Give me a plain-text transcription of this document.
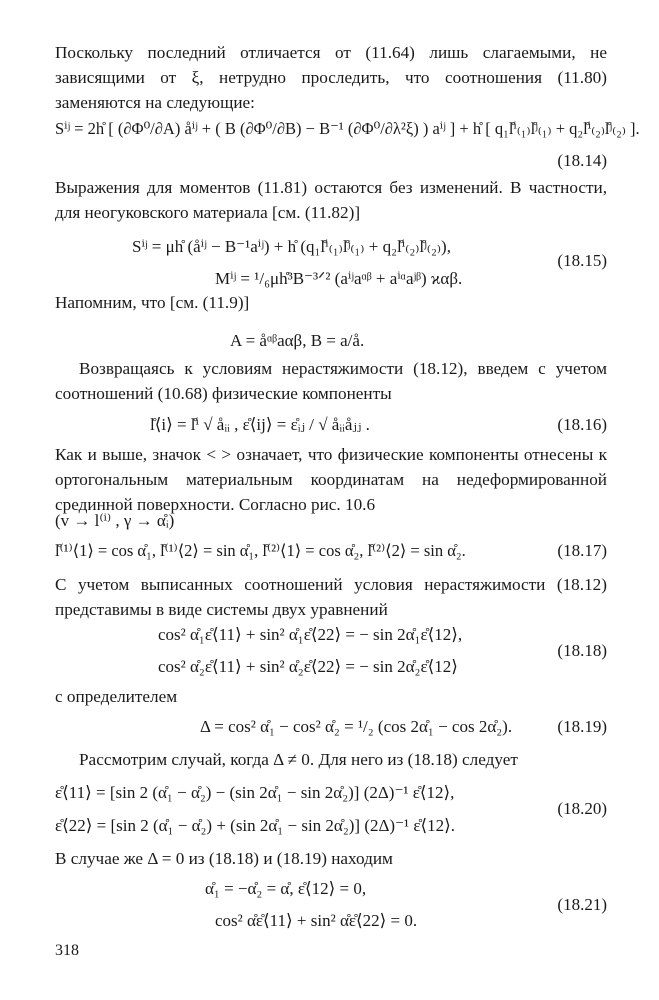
Поскольку последний отличается от (11.64) лишь слагаемыми, не зависящими от ξ, нетрудно проследить, что соотношения (11.80) заменяются на следующие:
Sⁱʲ = 2h̊ [ (∂Φ⁰/∂A) åⁱʲ + ( B (∂Φ⁰/∂B) − B⁻¹ (∂Φ⁰/∂λ²ξ) ) aⁱʲ ] + h̊ [ q₁l̊ⁱ₍₁₎l̊ʲ₍₁₎ + q₂l̊ⁱ₍₂₎l̊ʲ₍₂₎ ].
(18.14)
Выражения для моментов (11.81) остаются без изменений. В частности, для неогуковского материала [см. (11.82)]
Sⁱʲ = μh̊ (åⁱʲ − B⁻¹aⁱʲ) + h̊ (q₁l̊ⁱ₍₁₎l̊ʲ₍₁₎ + q₂l̊ⁱ₍₂₎l̊ʲ₍₂₎),
Mⁱʲ = ¹/₆μh̊³B⁻³ᐟ² (aⁱʲaᵅᵝ + aⁱᵅaʲᵝ) ϰαβ.
(18.15)
Напомним, что [см. (11.9)]
A = åᵅᵝaαβ, B = a/å.
Возвращаясь к условиям нерастяжимости (18.12), введем с учетом соотношений (10.68) физические компоненты
l̊⟨i⟩ = l̊ⁱ √ åᵢᵢ , ε̊⟨ij⟩ = ε̊ᵢⱼ / √ åᵢᵢåⱼⱼ .	(18.16)
Как и выше, значок < > означает, что физические компоненты отнесены к ортогональным материальным координатам на недеформированной срединной поверхности. Согласно рис. 10.6
(v → l⁽ⁱ⁾ , γ → α̊ᵢ)
l̊⁽¹⁾⟨1⟩ = cos α̊₁, l̊⁽¹⁾⟨2⟩ = sin α̊₁, l̊⁽²⁾⟨1⟩ = cos α̊₂, l̊⁽²⁾⟨2⟩ = sin α̊₂.	(18.17)
С учетом выписанных соотношений условия нерастяжимости (18.12) представимы в виде системы двух уравнений
cos² α̊₁ε̊⟨11⟩ + sin² α̊₁ε̊⟨22⟩ = − sin 2α̊₁ε̊⟨12⟩,
cos² α̊₂ε̊⟨11⟩ + sin² α̊₂ε̊⟨22⟩ = − sin 2α̊₂ε̊⟨12⟩
(18.18)
с определителем
Δ = cos² α̊₁ − cos² α̊₂ = ¹/₂ (cos 2α̊₁ − cos 2α̊₂).	(18.19)
Рассмотрим случай, когда Δ ≠ 0. Для него из (18.18) следует
ε̊⟨11⟩ = [sin 2 (α̊₁ − α̊₂) − (sin 2α̊₁ − sin 2α̊₂)] (2Δ)⁻¹ ε̊⟨12⟩,
ε̊⟨22⟩ = [sin 2 (α̊₁ − α̊₂) + (sin 2α̊₁ − sin 2α̊₂)] (2Δ)⁻¹ ε̊⟨12⟩.
(18.20)
В случае же Δ = 0 из (18.18) и (18.19) находим
α̊₁ = −α̊₂ = α̊, ε̊⟨12⟩ = 0,
cos² α̊ε̊⟨11⟩ + sin² α̊ε̊⟨22⟩ = 0.
(18.21)
318
